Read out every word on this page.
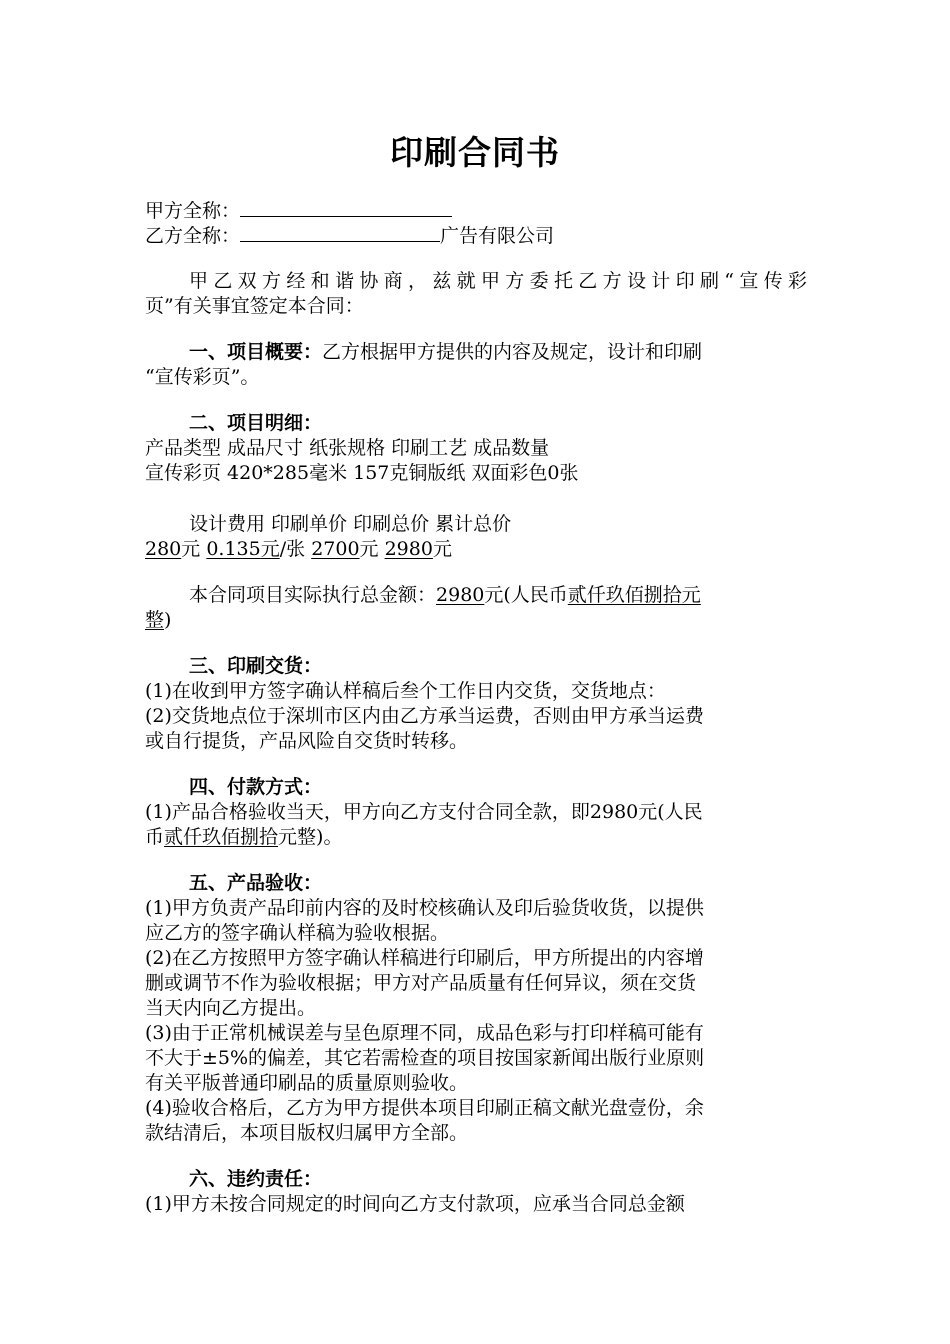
印刷合同书
甲方全称：
乙方全称：	广告有限公司
甲乙双方经和谐协商，兹就甲方委托乙方设计印刷“宣传彩
页”有关事宜签定本合同：
一、项目概要：乙方根据甲方提供的内容及规定，设计和印刷
“宣传彩页”。
二、项目明细：
产品类型 成品尺寸 纸张规格 印刷工艺 成品数量
宣传彩页 420*285毫米 157克铜版纸 双面彩色0张
设计费用 印刷单价 印刷总价 累计总价
280元 0.135元/张 2700元 2980元
本合同项目实际执行总金额：2980元(人民币贰仟玖佰捌拾元
整)
三、印刷交货：
(1)在收到甲方签字确认样稿后叁个工作日内交货，交货地点：
(2)交货地点位于深圳市区内由乙方承当运费，否则由甲方承当运费
或自行提货，产品风险自交货时转移。
四、付款方式：
(1)产品合格验收当天，甲方向乙方支付合同全款，即2980元(人民
币贰仟玖佰捌拾元整)。
五、产品验收：
(1)甲方负责产品印前内容的及时校核确认及印后验货收货，以提供
应乙方的签字确认样稿为验收根据。
(2)在乙方按照甲方签字确认样稿进行印刷后，甲方所提出的内容增
删或调节不作为验收根据；甲方对产品质量有任何异议，须在交货
当天内向乙方提出。
(3)由于正常机械误差与呈色原理不同，成品色彩与打印样稿可能有
不大于±5%的偏差，其它若需检查的项目按国家新闻出版行业原则
有关平版普通印刷品的质量原则验收。
(4)验收合格后，乙方为甲方提供本项目印刷正稿文献光盘壹份，余
款结清后，本项目版权归属甲方全部。
六、违约责任：
(1)甲方未按合同规定的时间向乙方支付款项，应承当合同总金额
